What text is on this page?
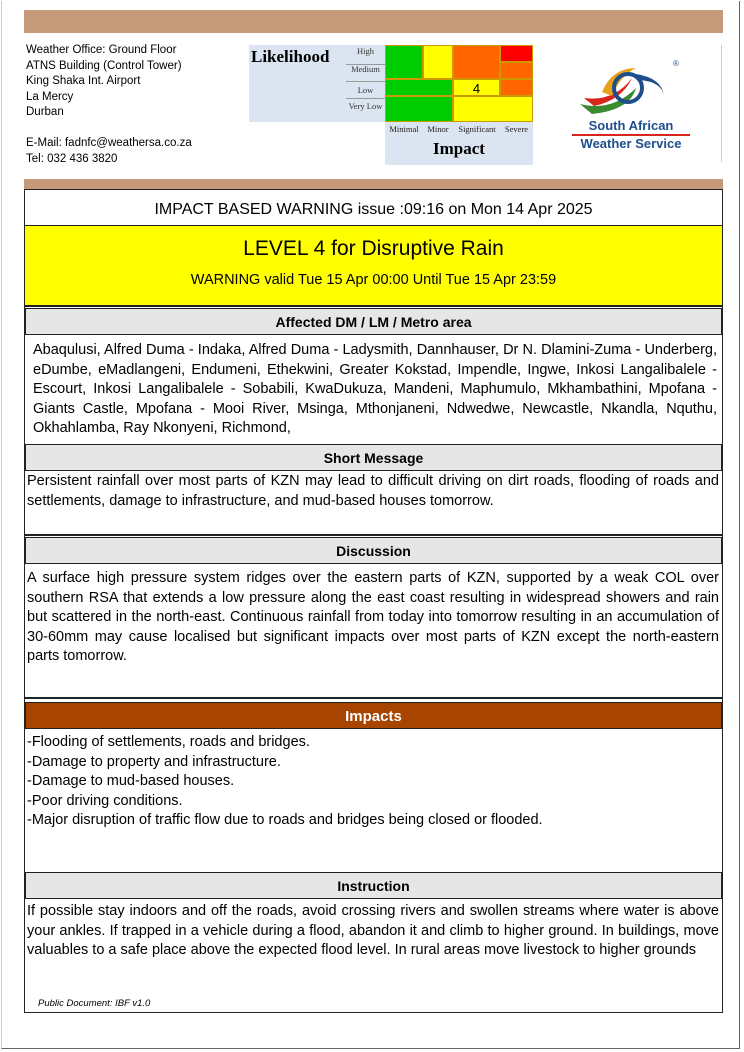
Weather Office: Ground Floor
ATNS Building (Control Tower)
King Shaka Int. Airport
La Mercy
Durban
E-Mail: fadnfc@weathersa.co.za
Tel: 032 436 3820
Likelihood	High
Medium
Low
Very Low
4
Minimal	Minor	Significant	Severe
Impact
®
South African
Weather Service
IMPACT BASED WARNING issue :09:16 on Mon 14 Apr 2025
LEVEL 4 for Disruptive Rain
WARNING valid Tue 15 Apr 00:00 Until Tue 15 Apr 23:59
Affected DM / LM / Metro area
Abaqulusi, Alfred Duma - Indaka, Alfred Duma - Ladysmith, Dannhauser, Dr N. Dlamini-Zuma - Underberg, eDumbe, eMadlangeni, Endumeni, Ethekwini, Greater Kokstad, Impendle, Ingwe, Inkosi Langalibalele - Escourt, Inkosi Langalibalele - Sobabili, KwaDukuza, Mandeni, Maphumulo, Mkhambathini, Mpofana - Giants Castle, Mpofana - Mooi River, Msinga, Mthonjaneni, Ndwedwe, Newcastle, Nkandla, Nquthu, Okhahlamba, Ray Nkonyeni, Richmond,
Short Message
Persistent rainfall over most parts of KZN may lead to difficult driving on dirt roads, flooding of roads and settlements, damage to infrastructure, and mud-based houses tomorrow.
Discussion
A surface high pressure system ridges over the eastern parts of KZN, supported by a weak COL over southern RSA that extends a low pressure along the east coast resulting in widespread showers and rain but scattered in the north-east. Continuous rainfall from today into tomorrow resulting in an accumulation of 30-60mm may cause localised but significant impacts over most parts of KZN except the north-eastern parts tomorrow.
Impacts
-Flooding of settlements, roads and bridges.
-Damage to property and infrastructure.
-Damage to mud-based houses.
-Poor driving conditions.
-Major disruption of traffic flow due to roads and bridges being closed or flooded.
Instruction
If possible stay indoors and off the roads, avoid crossing rivers and swollen streams where water is above your ankles. If trapped in a vehicle during a flood, abandon it and climb to higher ground. In buildings, move valuables to a safe place above the expected flood level. In rural areas move livestock to higher grounds
Public Document: IBF v1.0
